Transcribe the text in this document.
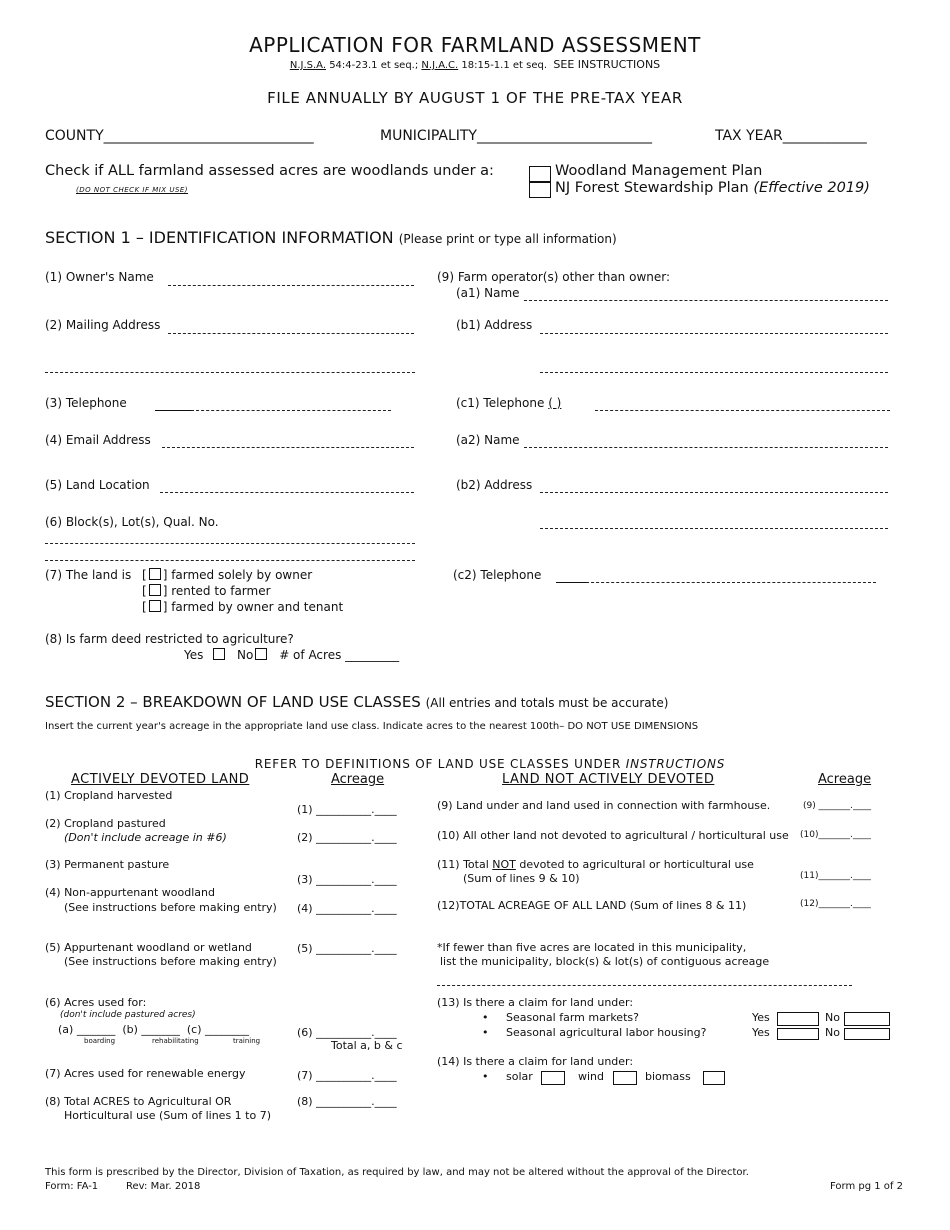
APPLICATION FOR FARMLAND ASSESSMENT
N.J.S.A. 54:4-23.1 et seq.; N.J.A.C. 18:15-1.1 et seq. SEE INSTRUCTIONS
FILE ANNUALLY BY AUGUST 1 OF THE PRE-TAX YEAR
COUNTY______________________________	MUNICIPALITY_________________________	TAX YEAR____________
Check if ALL farmland assessed acres are woodlands under a:
(DO NOT CHECK IF MIX USE)
Woodland Management Plan
NJ Forest Stewardship Plan (Effective 2019)
SECTION 1 – IDENTIFICATION INFORMATION (Please print or type all information)
(1) Owner's Name
(2) Mailing Address
(3) Telephone
(4) Email Address
(5) Land Location
(6) Block(s), Lot(s), Qual. No.
(7) The land is [ ] farmed solely by owner
[ ] rented to farmer
[ ] farmed by owner and tenant
(8) Is farm deed restricted to agriculture?
Yes	No # of Acres _________
(9) Farm operator(s) other than owner:
(a1) Name
(b1) Address
(c1) Telephone ( )
(a2) Name
(b2) Address
(c2) Telephone
SECTION 2 – BREAKDOWN OF LAND USE CLASSES (All entries and totals must be accurate)
Insert the current year's acreage in the appropriate land use class. Indicate acres to the nearest 100th– DO NOT USE DIMENSIONS
REFER TO DEFINITIONS OF LAND USE CLASSES UNDER INSTRUCTIONS
ACTIVELY DEVOTED LAND	Acreage	LAND NOT ACTIVELY DEVOTED	Acreage
(1) Cropland harvested
(1) __________.____
(2) Cropland pastured
(Don't include acreage in #6)	(2) __________.____
(3) Permanent pasture
(3) __________.____
(4) Non-appurtenant woodland
(See instructions before making entry) (4) __________.____
(5) Appurtenant woodland or wetland
(See instructions before making entry)
(5) __________.____
(6) Acres used for:
(don't include pastured acres)
(a) _______ (b) _______ (c) ________
boarding	rehabilitating	training
(6) __________.____
Total a, b & c
(7) Acres used for renewable energy	(7) __________.____
(8) Total ACRES to Agricultural OR
Horticultural use (Sum of lines 1 to 7)
(8) __________.____
(9) Land under and land used in connection with farmhouse.	(9) _______.____
(10) All other land not devoted to agricultural / horticultural use (10)_______.____
(11) Total NOT devoted to agricultural or horticultural use
(Sum of lines 9 & 10)	(11)_______.____
(12)TOTAL ACREAGE OF ALL LAND (Sum of lines 8 & 11)	(12)_______.____
*If fewer than five acres are located in this municipality,
list the municipality, block(s) & lot(s) of contiguous acreage
(13) Is there a claim for land under:
•     Seasonal farm markets?	Yes	No
•     Seasonal agricultural labor housing?	Yes	No
(14) Is there a claim for land under:
•     solar	wind	biomass
This form is prescribed by the Director, Division of Taxation, as required by law, and may not be altered without the approval of the Director.
Form: FA-1	Rev: Mar. 2018	Form pg 1 of 2
